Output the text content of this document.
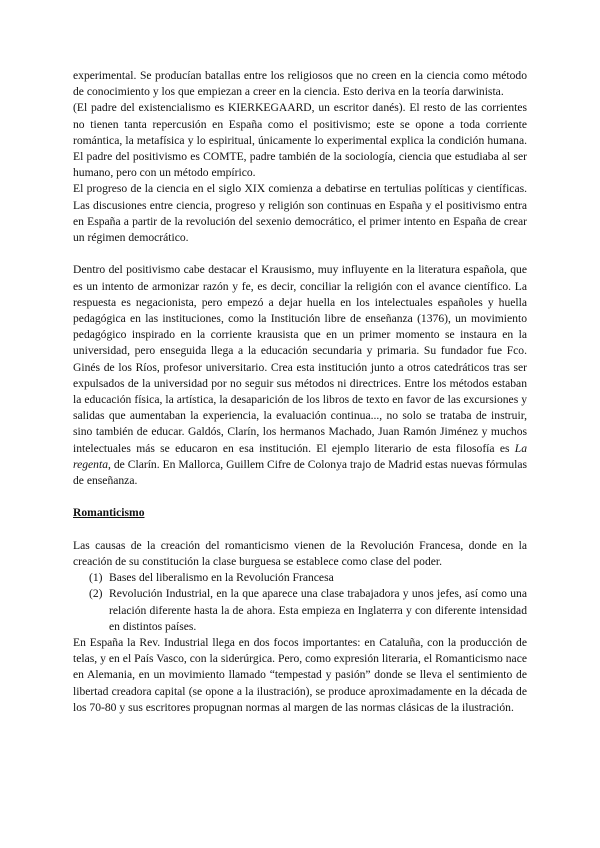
experimental. Se producían batallas entre los religiosos que no creen en la ciencia como método de conocimiento y los que empiezan a creer en la ciencia. Esto deriva en la teoría darwinista.

(El padre del existencialismo es KIERKEGAARD, un escritor danés). El resto de las corrientes no tienen tanta repercusión en España como el positivismo; este se opone a toda corriente romántica, la metafísica y lo espiritual, únicamente lo experimental explica la condición humana. El padre del positivismo es COMTE, padre también de la sociología, ciencia que estudiaba al ser humano, pero con un método empírico.

El progreso de la ciencia en el siglo XIX comienza a debatirse en tertulias políticas y científicas. Las discusiones entre ciencia, progreso y religión son continuas en España y el positivismo entra en España a partir de la revolución del sexenio democrático, el primer intento en España de crear un régimen democrático.

Dentro del positivismo cabe destacar el Krausismo, muy influyente en la literatura española, que es un intento de armonizar razón y fe, es decir, conciliar la religión con el avance científico. La respuesta es negacionista, pero empezó a dejar huella en los intelectuales españoles y huella pedagógica en las instituciones, como la Institución libre de enseñanza (1376), un movimiento pedagógico inspirado en la corriente krausista que en un primer momento se instaura en la universidad, pero enseguida llega a la educación secundaria y primaria. Su fundador fue Fco. Ginés de los Ríos, profesor universitario. Crea esta institución junto a otros catedráticos tras ser expulsados de la universidad por no seguir sus métodos ni directrices. Entre los métodos estaban la educación física, la artística, la desaparición de los libros de texto en favor de las excursiones y salidas que aumentaban la experiencia, la evaluación continua..., no solo se trataba de instruir, sino también de educar. Galdós, Clarín, los hermanos Machado, Juan Ramón Jiménez y muchos intelectuales más se educaron en esa institución. El ejemplo literario de esta filosofía es La regenta, de Clarín. En Mallorca, Guillem Cifre de Colonya trajo de Madrid estas nuevas fórmulas de enseñanza.

Romanticismo

Las causas de la creación del romanticismo vienen de la Revolución Francesa, donde en la creación de su constitución la clase burguesa se establece como clase del poder.

(1) Bases del liberalismo en la Revolución Francesa
(2) Revolución Industrial, en la que aparece una clase trabajadora y unos jefes, así como una relación diferente hasta la de ahora. Esta empieza en Inglaterra y con diferente intensidad en distintos países.

En España la Rev. Industrial llega en dos focos importantes: en Cataluña, con la producción de telas, y en el País Vasco, con la siderúrgica. Pero, como expresión literaria, el Romanticismo nace en Alemania, en un movimiento llamado “tempestad y pasión” donde se lleva el sentimiento de libertad creadora capital (se opone a la ilustración), se produce aproximadamente en la década de los 70-80 y sus escritores propugnan normas al margen de las normas clásicas de la ilustración.
